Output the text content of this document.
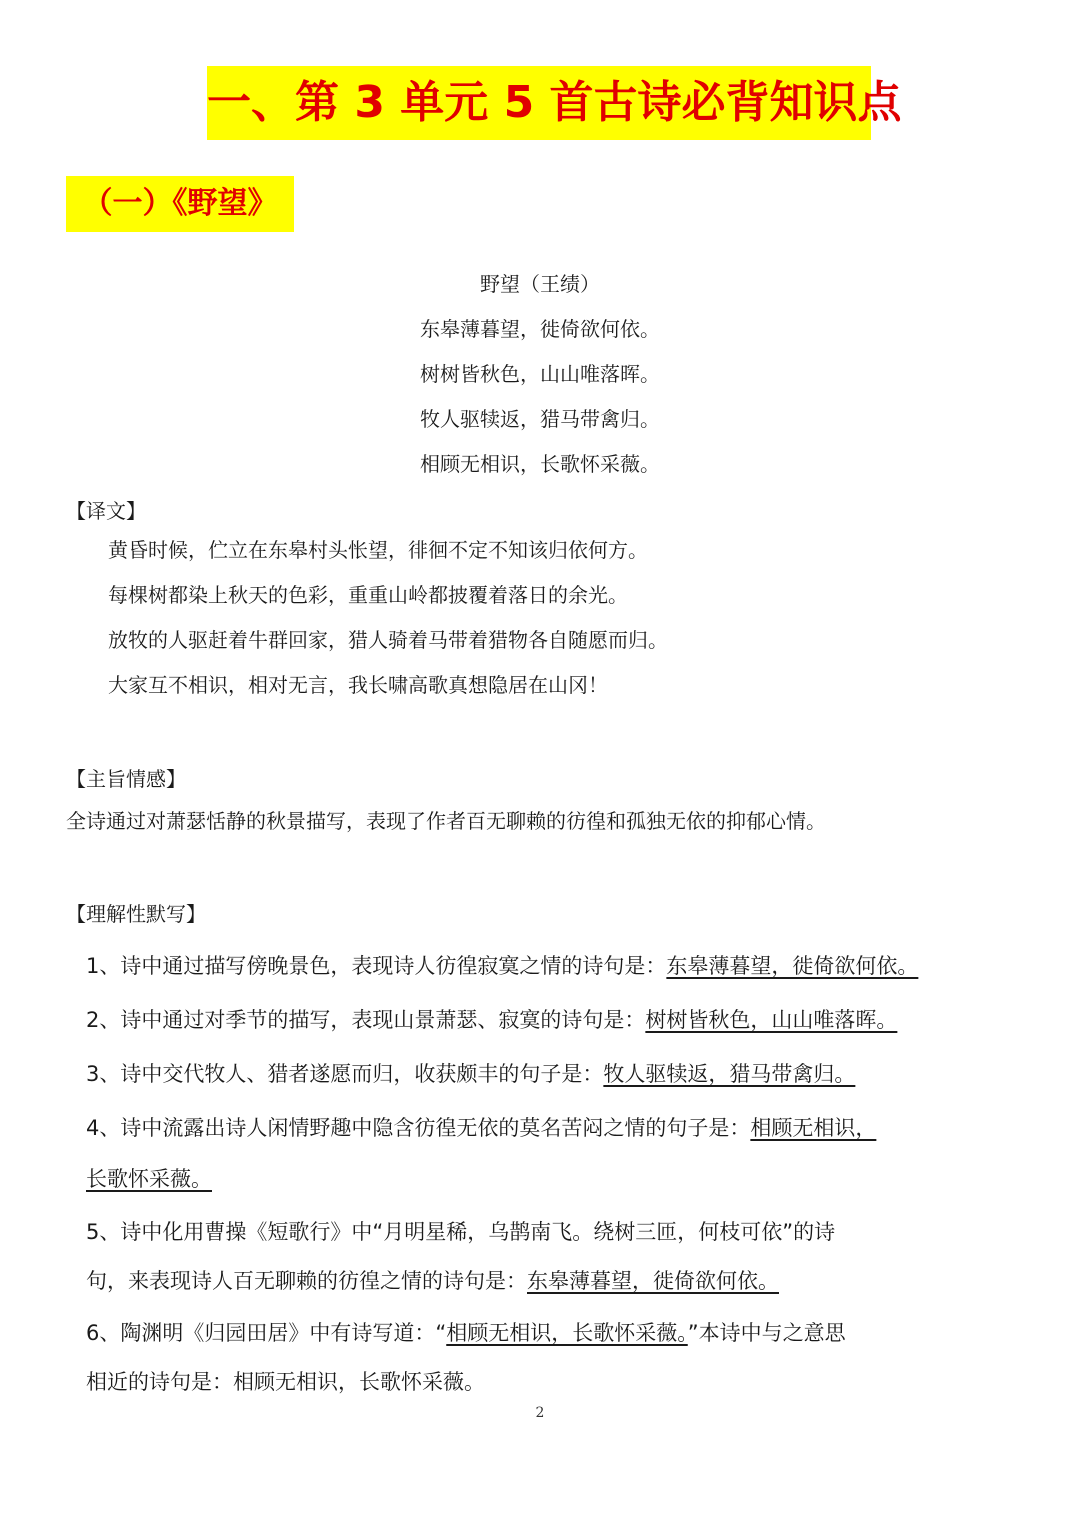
一、第 3 单元 5 首古诗必背知识点
（一）《野望》
野望（王绩）
东皋薄暮望，徙倚欲何依。
树树皆秋色，山山唯落晖。
牧人驱犊返，猎马带禽归。
相顾无相识，长歌怀采薇。
【译文】
黄昏时候，伫立在东皋村头怅望，徘徊不定不知该归依何方。
每棵树都染上秋天的色彩，重重山岭都披覆着落日的余光。
放牧的人驱赶着牛群回家，猎人骑着马带着猎物各自随愿而归。
大家互不相识，相对无言，我长啸高歌真想隐居在山冈！
【主旨情感】
全诗通过对萧瑟恬静的秋景描写，表现了作者百无聊赖的彷徨和孤独无依的抑郁心情。
【理解性默写】
1、诗中通过描写傍晚景色，表现诗人彷徨寂寞之情的诗句是：东皋薄暮望，徙倚欲何依。
2、诗中通过对季节的描写，表现山景萧瑟、寂寞的诗句是：树树皆秋色，山山唯落晖。
3、诗中交代牧人、猎者遂愿而归，收获颇丰的句子是：牧人驱犊返，猎马带禽归。
4、诗中流露出诗人闲情野趣中隐含彷徨无依的莫名苦闷之情的句子是：相顾无相识，
长歌怀采薇。
5、诗中化用曹操《短歌行》中“月明星稀，乌鹊南飞。绕树三匝，何枝可依”的诗
句，来表现诗人百无聊赖的彷徨之情的诗句是：东皋薄暮望，徙倚欲何依。
6、陶渊明《归园田居》中有诗写道：“相顾无相识，长歌怀采薇。”本诗中与之意思
相近的诗句是：相顾无相识，长歌怀采薇。
2
